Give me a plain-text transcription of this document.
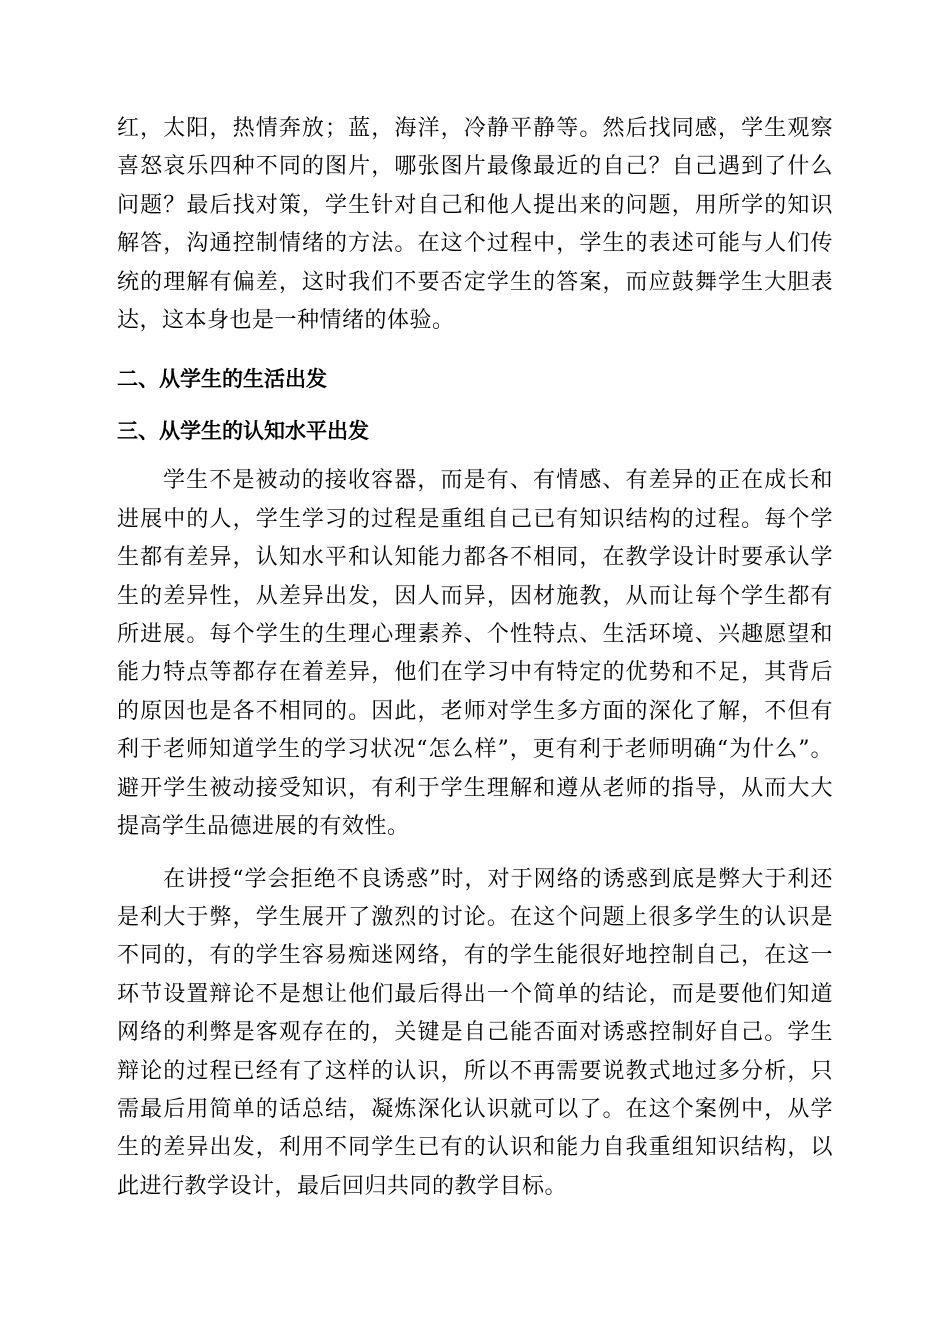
红，太阳，热情奔放；蓝，海洋，冷静平静等。然后找同感，学生观察喜怒哀乐四种不同的图片，哪张图片最像最近的自己？自己遇到了什么问题？最后找对策，学生针对自己和他人提出来的问题，用所学的知识解答，沟通控制情绪的方法。在这个过程中，学生的表述可能与人们传统的理解有偏差，这时我们不要否定学生的答案，而应鼓舞学生大胆表达，这本身也是一种情绪的体验。

二、从学生的生活出发
三、从学生的认知水平出发

学生不是被动的接收容器，而是有、有情感、有差异的正在成长和进展中的人，学生学习的过程是重组自己已有知识结构的过程。每个学生都有差异，认知水平和认知能力都各不相同，在教学设计时要承认学生的差异性，从差异出发，因人而异，因材施教，从而让每个学生都有所进展。每个学生的生理心理素养、个性特点、生活环境、兴趣愿望和能力特点等都存在着差异，他们在学习中有特定的优势和不足，其背后的原因也是各不相同的。因此，老师对学生多方面的深化了解，不但有利于老师知道学生的学习状况“怎么样”，更有利于老师明确“为什么”。避开学生被动接受知识，有利于学生理解和遵从老师的指导，从而大大提高学生品德进展的有效性。

在讲授“学会拒绝不良诱惑”时，对于网络的诱惑到底是弊大于利还是利大于弊，学生展开了激烈的讨论。在这个问题上很多学生的认识是不同的，有的学生容易痴迷网络，有的学生能很好地控制自己，在这一环节设置辩论不是想让他们最后得出一个简单的结论，而是要他们知道网络的利弊是客观存在的，关键是自己能否面对诱惑控制好自己。学生辩论的过程已经有了这样的认识，所以不再需要说教式地过多分析，只需最后用简单的话总结，凝炼深化认识就可以了。在这个案例中，从学生的差异出发，利用不同学生已有的认识和能力自我重组知识结构，以此进行教学设计，最后回归共同的教学目标。
